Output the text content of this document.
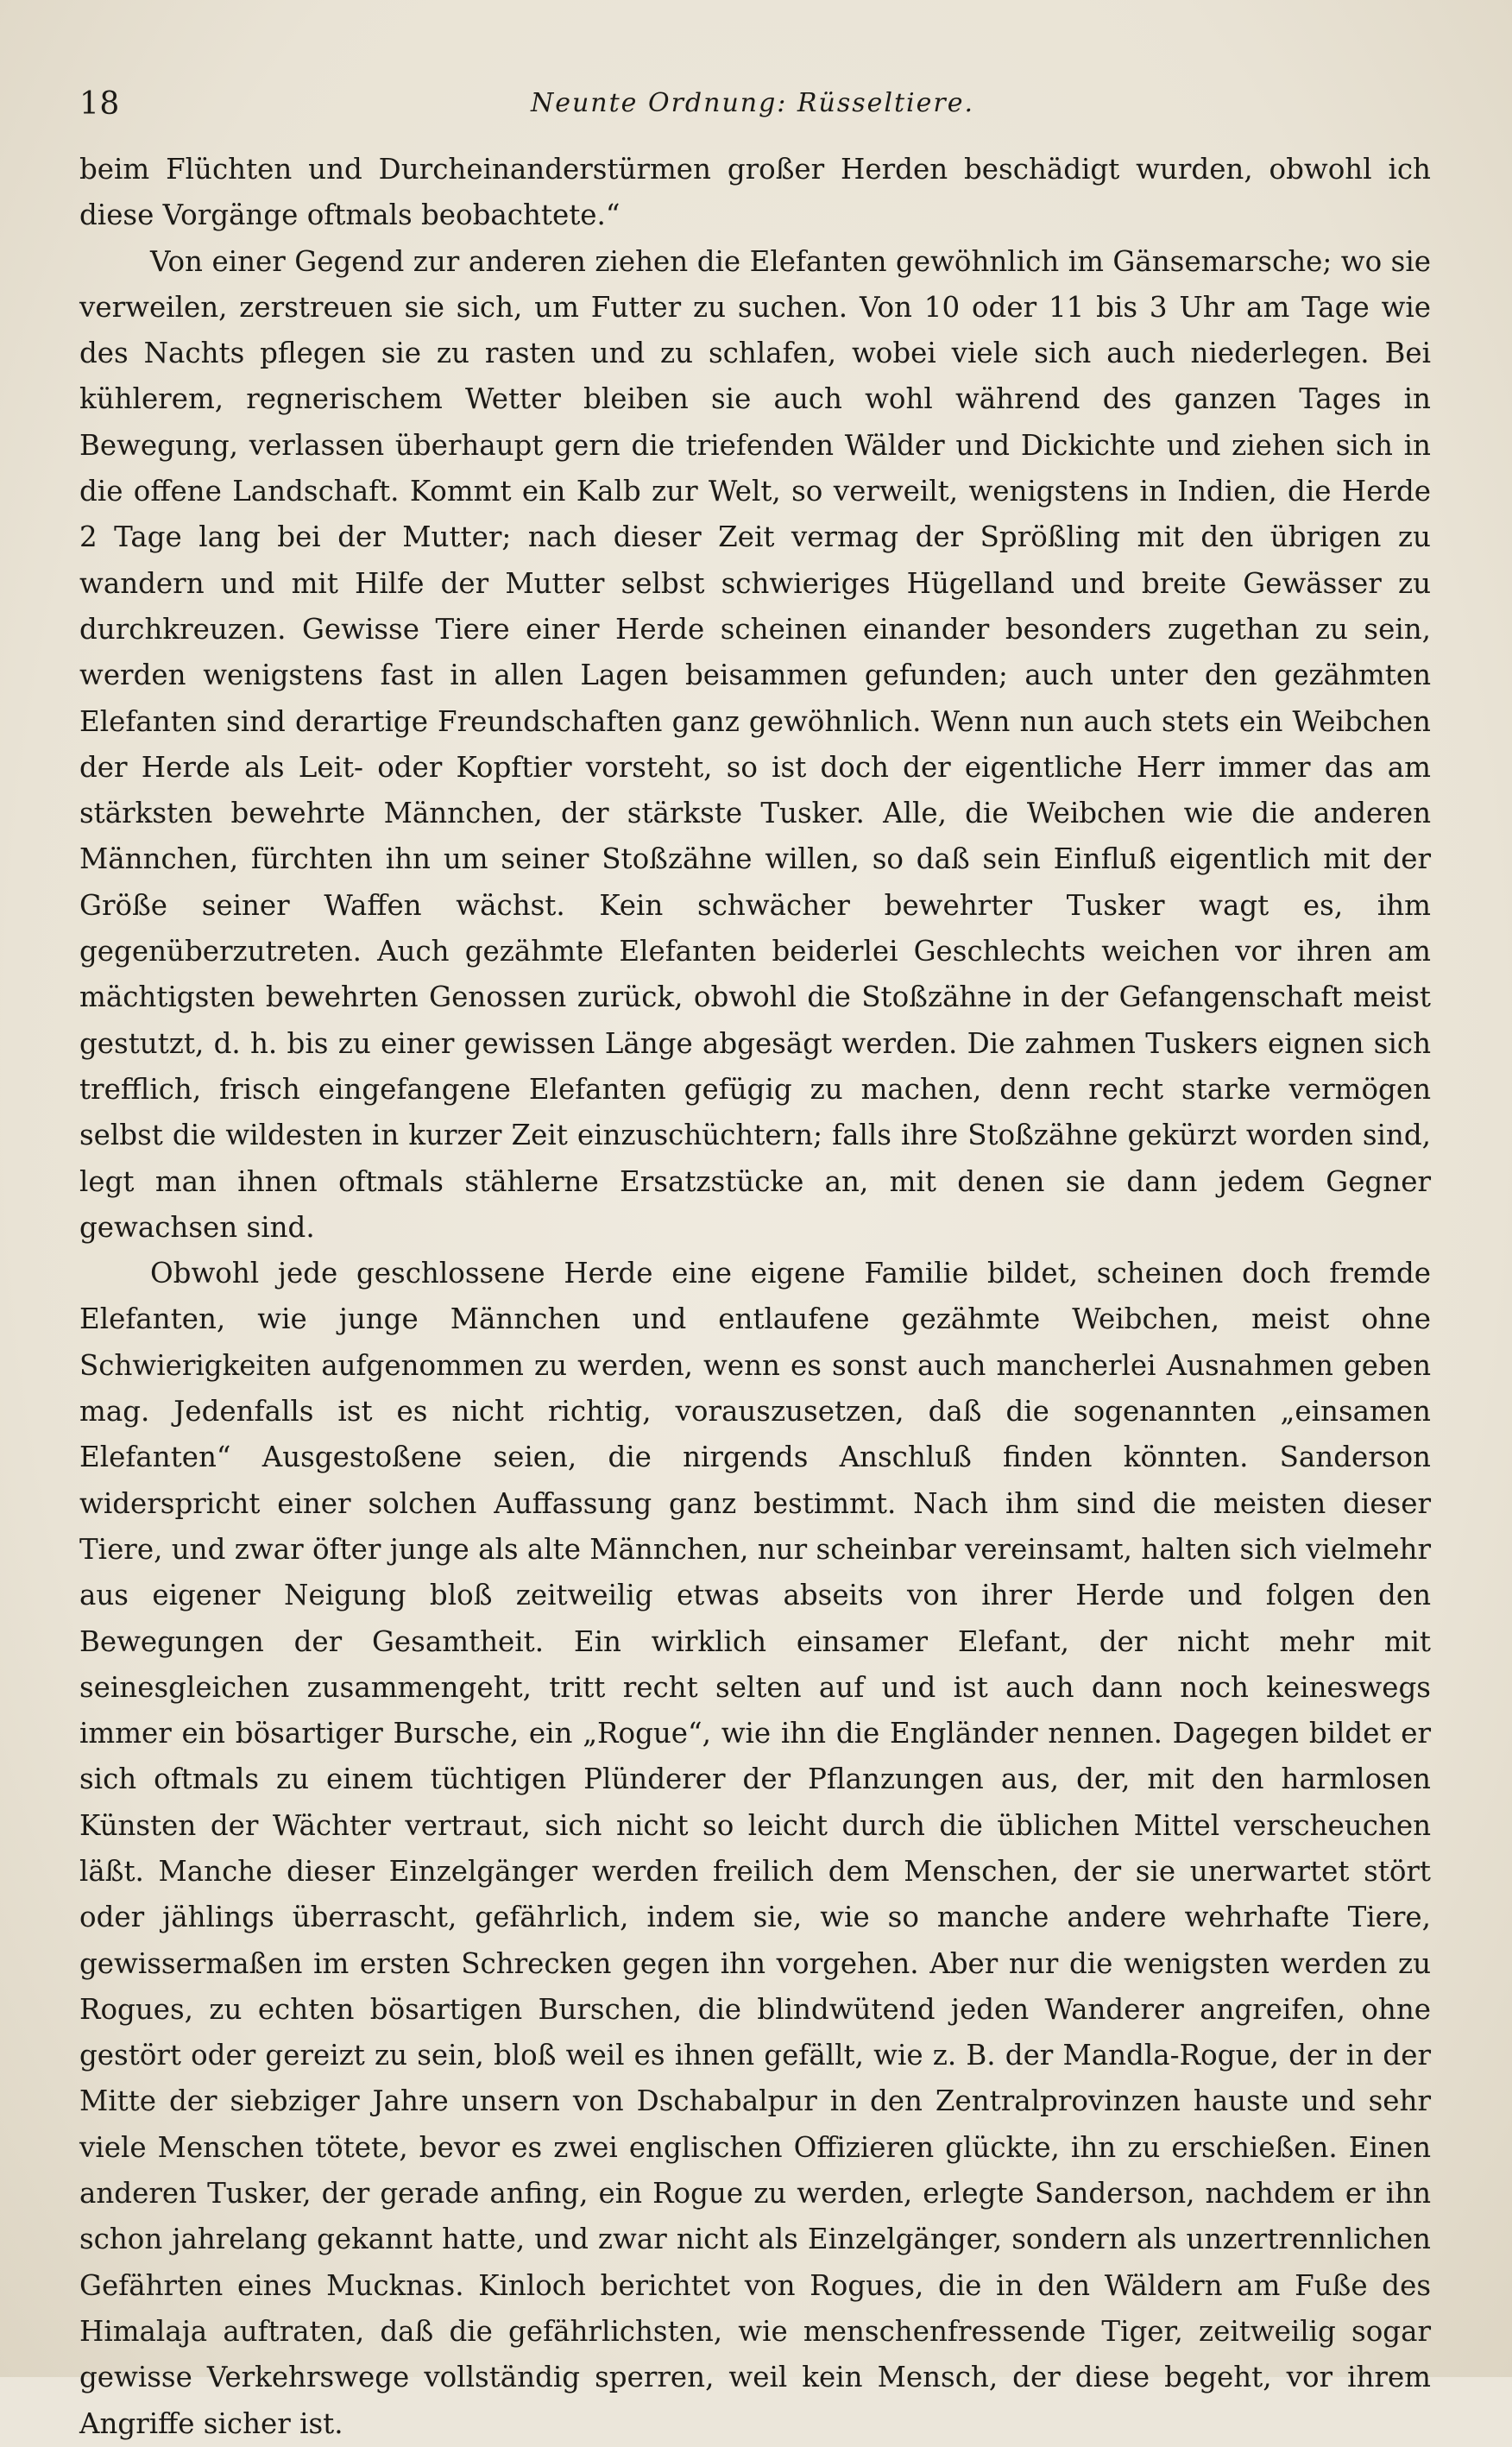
18	Neunte Ordnung: Rüsseltiere.

beim Flüchten und Durcheinanderstürmen großer Herden beschädigt wurden, obwohl ich diese Vorgänge oftmals beobachtete.“

Von einer Gegend zur anderen ziehen die Elefanten gewöhnlich im Gänsemarsche; wo sie verweilen, zerstreuen sie sich, um Futter zu suchen. Von 10 oder 11 bis 3 Uhr am Tage wie des Nachts pflegen sie zu rasten und zu schlafen, wobei viele sich auch niederlegen. Bei kühlerem, regnerischem Wetter bleiben sie auch wohl während des ganzen Tages in Bewegung, verlassen überhaupt gern die triefenden Wälder und Dickichte und ziehen sich in die offene Landschaft. Kommt ein Kalb zur Welt, so verweilt, wenigstens in Indien, die Herde 2 Tage lang bei der Mutter; nach dieser Zeit vermag der Sprößling mit den übrigen zu wandern und mit Hilfe der Mutter selbst schwieriges Hügelland und breite Gewässer zu durchkreuzen. Gewisse Tiere einer Herde scheinen einander besonders zugethan zu sein, werden wenigstens fast in allen Lagen beisammen gefunden; auch unter den gezähmten Elefanten sind derartige Freundschaften ganz gewöhnlich. Wenn nun auch stets ein Weibchen der Herde als Leit- oder Kopftier vorsteht, so ist doch der eigentliche Herr immer das am stärksten bewehrte Männchen, der stärkste Tusker. Alle, die Weibchen wie die anderen Männchen, fürchten ihn um seiner Stoßzähne willen, so daß sein Einfluß eigentlich mit der Größe seiner Waffen wächst. Kein schwächer bewehrter Tusker wagt es, ihm gegenüberzutreten. Auch gezähmte Elefanten beiderlei Geschlechts weichen vor ihren am mächtigsten bewehrten Genossen zurück, obwohl die Stoßzähne in der Gefangenschaft meist gestutzt, d. h. bis zu einer gewissen Länge abgesägt werden. Die zahmen Tuskers eignen sich trefflich, frisch eingefangene Elefanten gefügig zu machen, denn recht starke vermögen selbst die wildesten in kurzer Zeit einzuschüchtern; falls ihre Stoßzähne gekürzt worden sind, legt man ihnen oftmals stählerne Ersatzstücke an, mit denen sie dann jedem Gegner gewachsen sind.

Obwohl jede geschlossene Herde eine eigene Familie bildet, scheinen doch fremde Elefanten, wie junge Männchen und entlaufene gezähmte Weibchen, meist ohne Schwierigkeiten aufgenommen zu werden, wenn es sonst auch mancherlei Ausnahmen geben mag. Jedenfalls ist es nicht richtig, vorauszusetzen, daß die sogenannten „einsamen Elefanten“ Ausgestoßene seien, die nirgends Anschluß finden könnten. Sanderson widerspricht einer solchen Auffassung ganz bestimmt. Nach ihm sind die meisten dieser Tiere, und zwar öfter junge als alte Männchen, nur scheinbar vereinsamt, halten sich vielmehr aus eigener Neigung bloß zeitweilig etwas abseits von ihrer Herde und folgen den Bewegungen der Gesamtheit. Ein wirklich einsamer Elefant, der nicht mehr mit seinesgleichen zusammengeht, tritt recht selten auf und ist auch dann noch keineswegs immer ein bösartiger Bursche, ein „Rogue“, wie ihn die Engländer nennen. Dagegen bildet er sich oftmals zu einem tüchtigen Plünderer der Pflanzungen aus, der, mit den harmlosen Künsten der Wächter vertraut, sich nicht so leicht durch die üblichen Mittel verscheuchen läßt. Manche dieser Einzelgänger werden freilich dem Menschen, der sie unerwartet stört oder jählings überrascht, gefährlich, indem sie, wie so manche andere wehrhafte Tiere, gewissermaßen im ersten Schrecken gegen ihn vorgehen. Aber nur die wenigsten werden zu Rogues, zu echten bösartigen Burschen, die blindwütend jeden Wanderer angreifen, ohne gestört oder gereizt zu sein, bloß weil es ihnen gefällt, wie z. B. der Mandla-Rogue, der in der Mitte der siebziger Jahre unsern von Dschabalpur in den Zentralprovinzen hauste und sehr viele Menschen tötete, bevor es zwei englischen Offizieren glückte, ihn zu erschießen. Einen anderen Tusker, der gerade anfing, ein Rogue zu werden, erlegte Sanderson, nachdem er ihn schon jahrelang gekannt hatte, und zwar nicht als Einzelgänger, sondern als unzertrennlichen Gefährten eines Mucknas. Kinloch berichtet von Rogues, die in den Wäldern am Fuße des Himalaja auftraten, daß die gefährlichsten, wie menschenfressende Tiger, zeitweilig sogar gewisse Verkehrswege vollständig sperren, weil kein Mensch, der diese begeht, vor ihrem Angriffe sicher ist.
